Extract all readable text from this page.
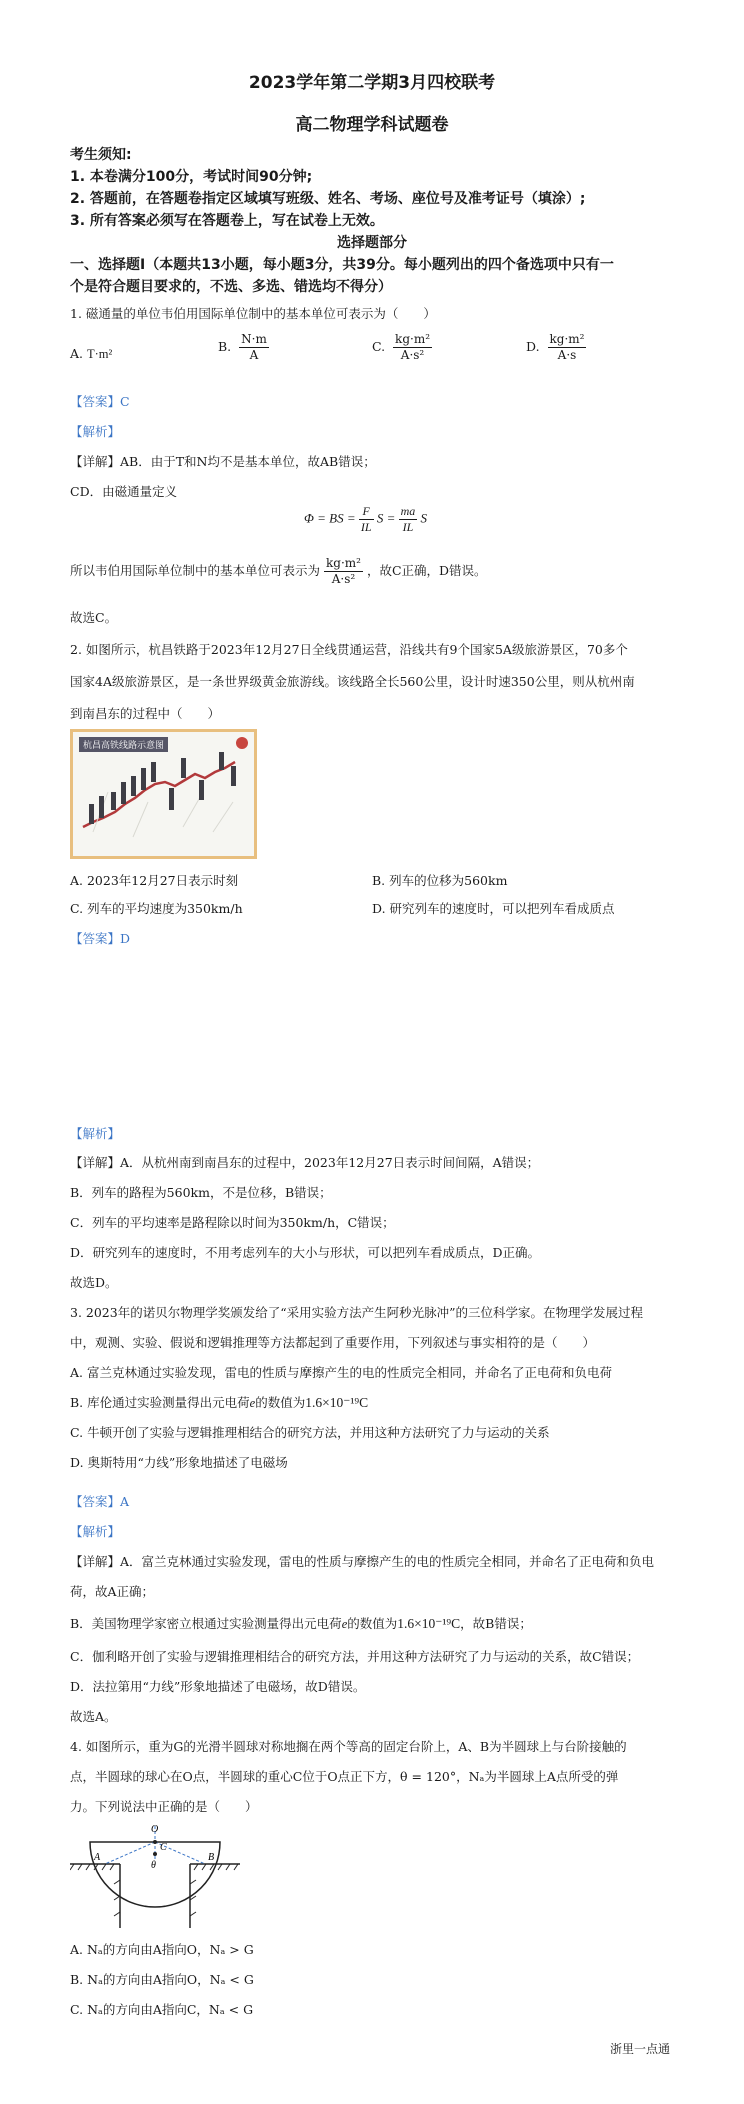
2023学年第二学期3月四校联考
高二物理学科试题卷
考生须知:
1. 本卷满分100分，考试时间90分钟;
2. 答题前，在答题卷指定区域填写班级、姓名、考场、座位号及准考证号（填涂）;
3. 所有答案必须写在答题卷上，写在试卷上无效。
选择题部分
一、选择题Ⅰ（本题共13小题，每小题3分，共39分。每小题列出的四个备选项中只有一
个是符合题目要求的，不选、多选、错选均不得分）
1. 磁通量的单位韦伯用国际单位制中的基本单位可表示为（　　）
A. T·m²	B. $\frac{N\cdot m}{A}$	C. $\frac{\text{kg·m²}}{\text{A·s²}}$	D. $\frac{\text{kg·m²}}{A\cdot s}$
【答案】C
【解析】
【详解】AB．由于T和N均不是基本单位，故AB错误；
CD．由磁通量定义
Φ = BS = $\frac{F}{IL}$ $S = \frac{ma}{IL}$ S
所以韦伯用国际单位制中的基本单位可表示为 $\frac{\text{kg·m²}}{\text{A·s²}}$ ，故C正确，D错误。
故选C。
2. 如图所示，杭昌铁路于2023年12月27日全线贯通运营，沿线共有9个国家5A级旅游景区，70多个
国家4A级旅游景区，是一条世界级黄金旅游线。该线路全长560公里，设计时速350公里，则从杭州南
到南昌东的过程中（　　）
杭昌高铁线路示意图
A. 2023年12月27日表示时刻	B. 列车的位移为560km
C. 列车的平均速度为350km/h	D. 研究列车的速度时，可以把列车看成质点
【答案】D
【解析】
【详解】A．从杭州南到南昌东的过程中，2023年12月27日表示时间间隔，A错误；
B．列车的路程为560km，不是位移，B错误；
C．列车的平均速率是路程除以时间为350km/h，C错误；
D．研究列车的速度时，不用考虑列车的大小与形状，可以把列车看成质点，D正确。
故选D。
3. 2023年的诺贝尔物理学奖颁发给了“采用实验方法产生阿秒光脉冲”的三位科学家。在物理学发展过程
中，观测、实验、假说和逻辑推理等方法都起到了重要作用，下列叙述与事实相符的是（　　）
A. 富兰克林通过实验发现，雷电的性质与摩擦产生的电的性质完全相同，并命名了正电荷和负电荷
B. 库伦通过实验测量得出元电荷e的数值为1.6×10⁻¹⁹C
C. 牛顿开创了实验与逻辑推理相结合的研究方法，并用这种方法研究了力与运动的关系
D. 奥斯特用“力线”形象地描述了电磁场
【答案】A
【解析】
【详解】A．富兰克林通过实验发现，雷电的性质与摩擦产生的电的性质完全相同，并命名了正电荷和负电
荷，故A正确；
B．美国物理学家密立根通过实验测量得出元电荷e的数值为1.6×10⁻¹⁹C，故B错误；
C．伽利略开创了实验与逻辑推理相结合的研究方法，并用这种方法研究了力与运动的关系，故C错误；
D．法拉第用“力线”形象地描述了电磁场，故D错误。
故选A。
4. 如图所示，重为G的光滑半圆球对称地搁在两个等高的固定台阶上，A、B为半圆球上与台阶接触的
点，半圆球的球心在O点，半圆球的重心C位于O点正下方，θ = 120°，Nₐ为半圆球上A点所受的弹
力。下列说法中正确的是（　　）
O
C
θ
A	B
A. Nₐ的方向由A指向O，Nₐ > G
B. Nₐ的方向由A指向O，Nₐ < G
C. Nₐ的方向由A指向C，Nₐ < G
浙里一点通
